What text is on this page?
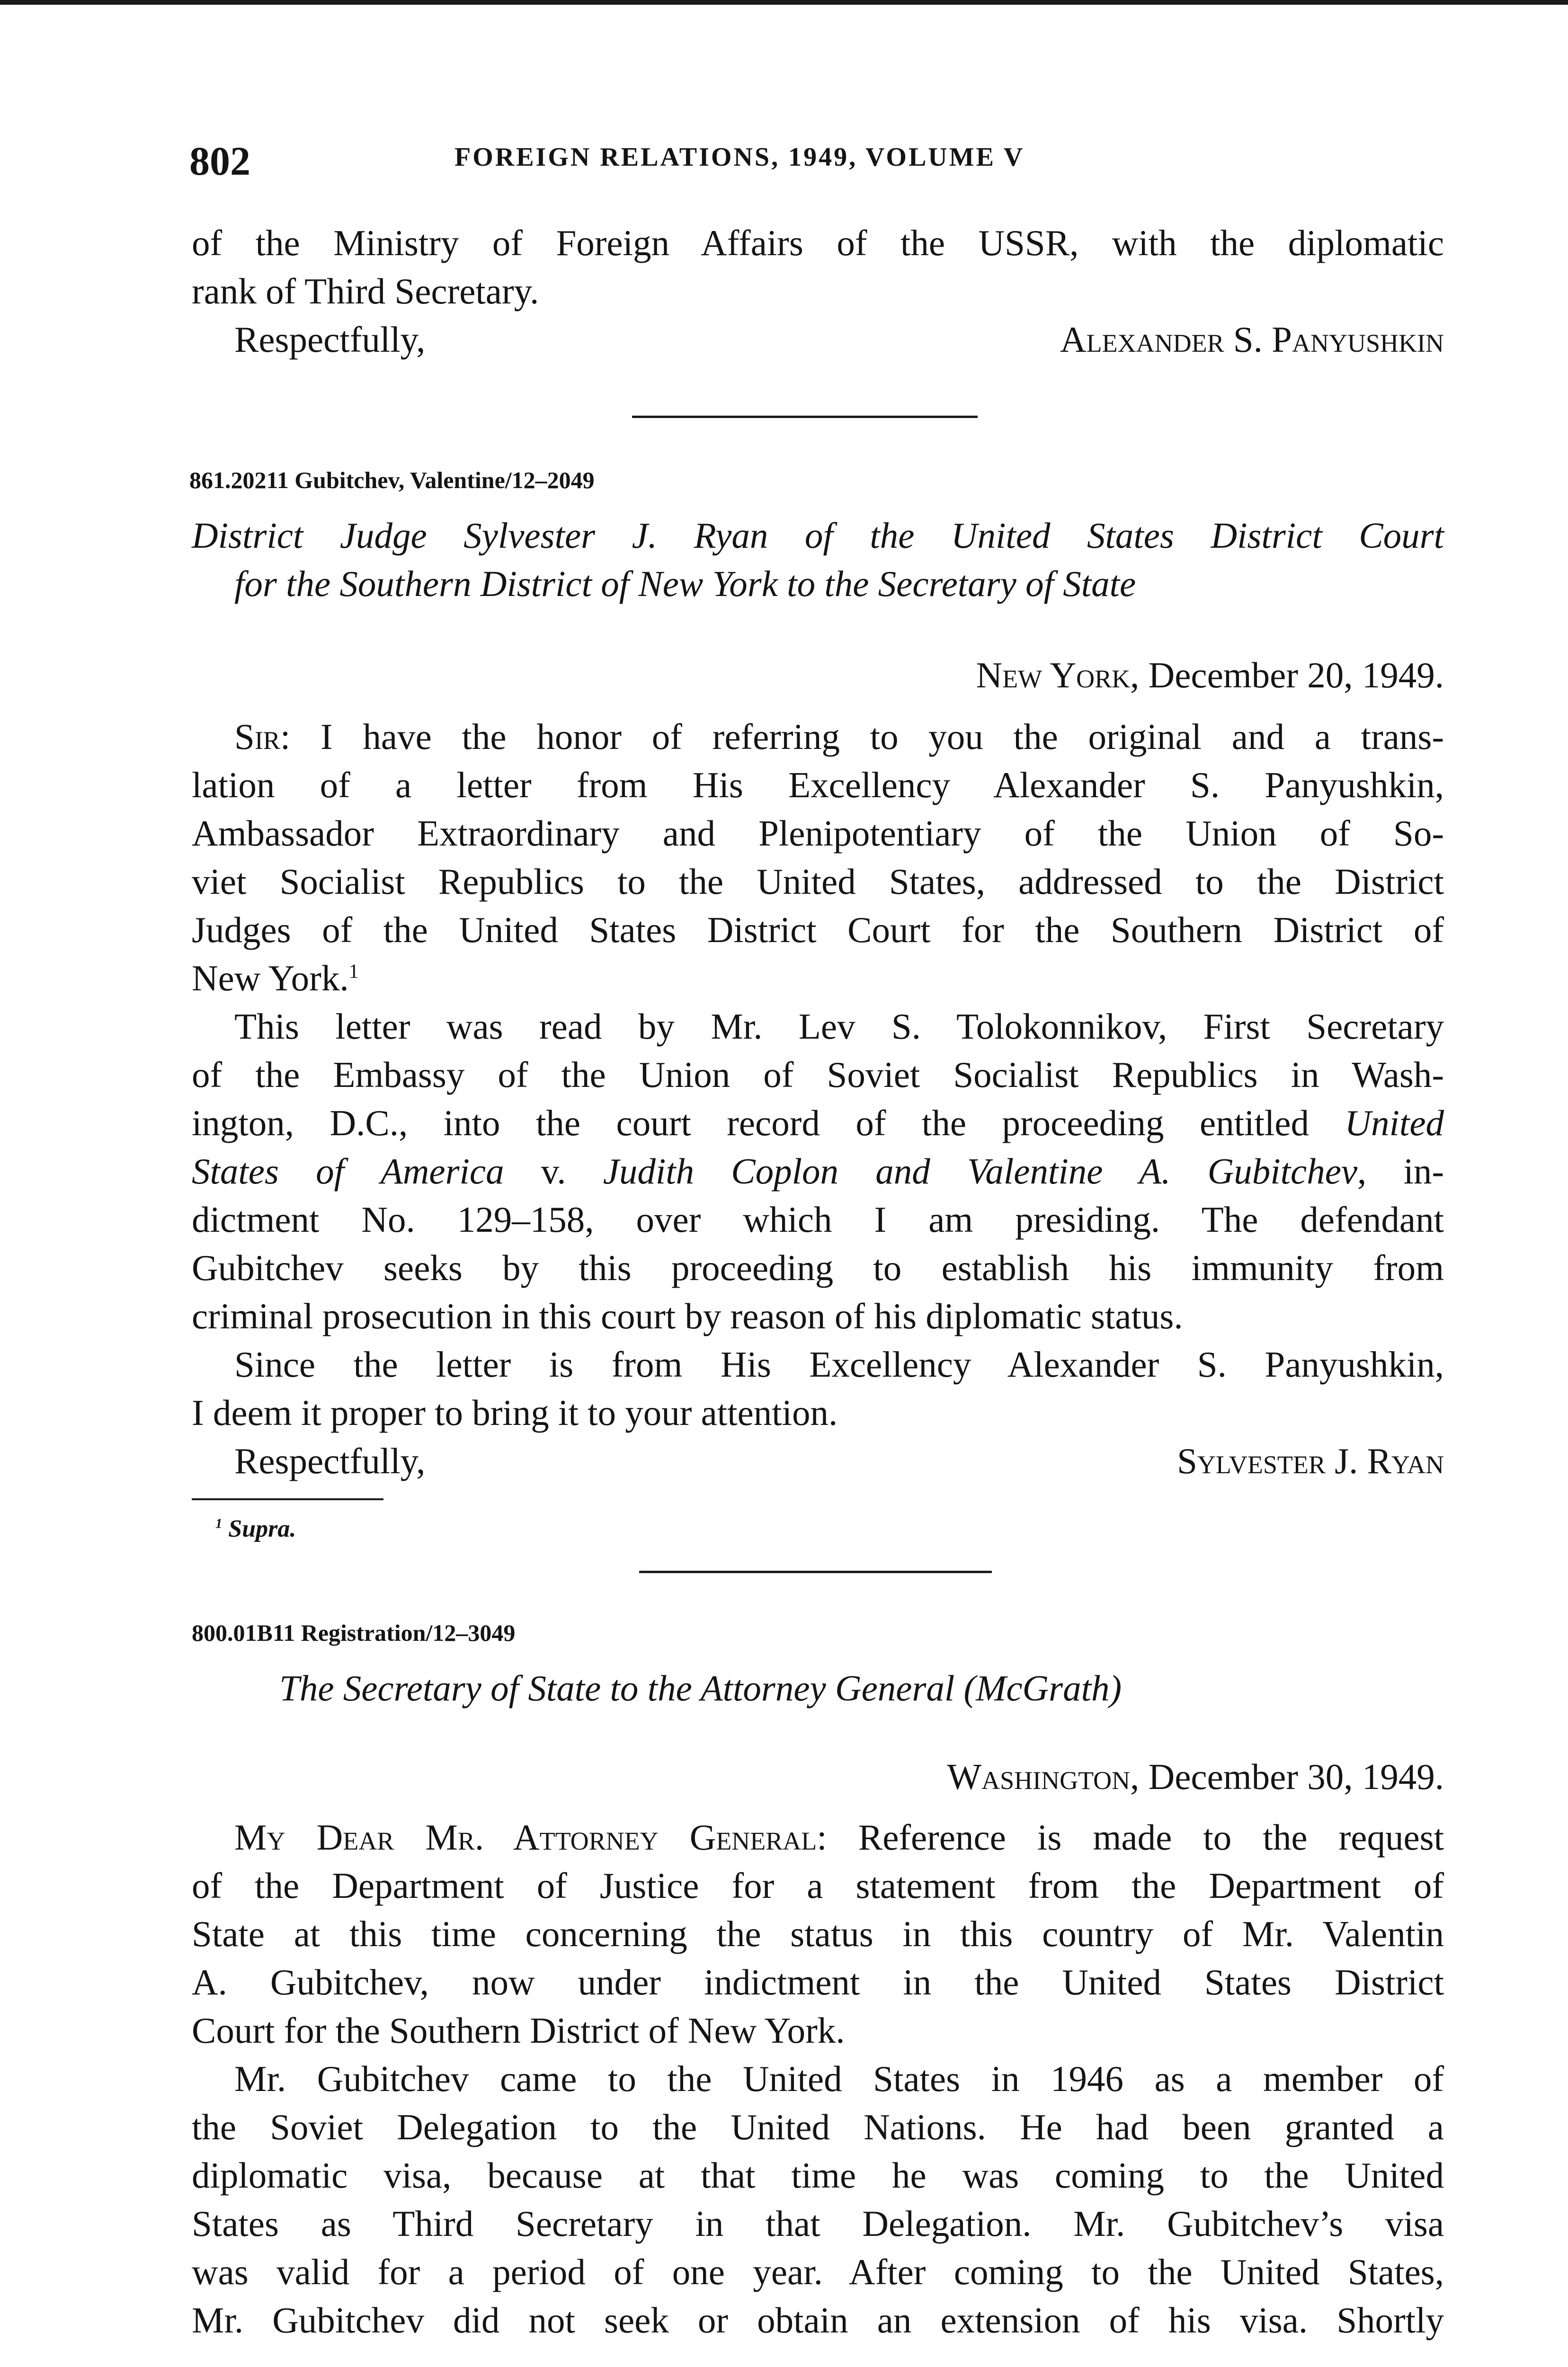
802	FOREIGN RELATIONS, 1949, VOLUME V
of the Ministry of Foreign Affairs of the USSR, with the diplomatic
rank of Third Secretary.
Respectfully,	Alexander S. Panyushkin
861.20211 Gubitchev, Valentine/12–2049
District Judge Sylvester J. Ryan of the United States District Court
for the Southern District of New York to the Secretary of State
New York, December 20, 1949.
Sir: I have the honor of referring to you the original and a trans-
lation of a letter from His Excellency Alexander S. Panyushkin,
Ambassador Extraordinary and Plenipotentiary of the Union of So-
viet Socialist Republics to the United States, addressed to the District
Judges of the United States District Court for the Southern District of
New York.$^1$
This letter was read by Mr. Lev S. Tolokonnikov, First Secretary
of the Embassy of the Union of Soviet Socialist Republics in Wash-
ington, D.C., into the court record of the proceeding entitled United
States of America v. Judith Coplon and Valentine A. Gubitchev, in-
dictment No. 129–158, over which I am presiding. The defendant
Gubitchev seeks by this proceeding to establish his immunity from
criminal prosecution in this court by reason of his diplomatic status.
Since the letter is from His Excellency Alexander S. Panyushkin,
I deem it proper to bring it to your attention.
Respectfully,	Sylvester J. Ryan
$^1$ Supra.
800.01B11 Registration/12–3049
The Secretary of State to the Attorney General (McGrath)
Washington, December 30, 1949.
My Dear Mr. Attorney General: Reference is made to the request
of the Department of Justice for a statement from the Department of
State at this time concerning the status in this country of Mr. Valentin
A. Gubitchev, now under indictment in the United States District
Court for the Southern District of New York.
Mr. Gubitchev came to the United States in 1946 as a member of
the Soviet Delegation to the United Nations. He had been granted a
diplomatic visa, because at that time he was coming to the United
States as Third Secretary in that Delegation. Mr. Gubitchev’s visa
was valid for a period of one year. After coming to the United States,
Mr. Gubitchev did not seek or obtain an extension of his visa. Shortly
